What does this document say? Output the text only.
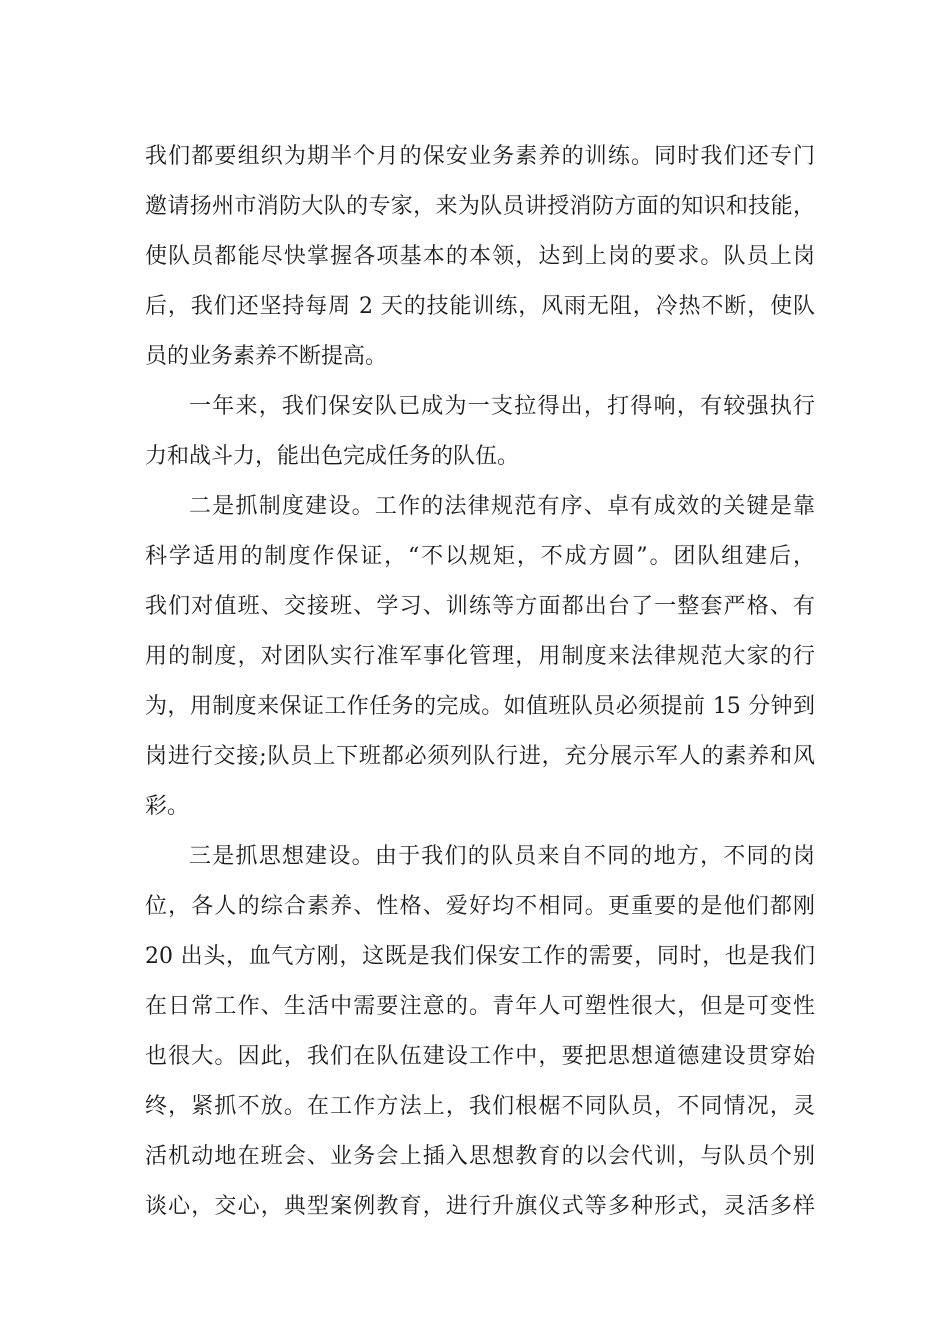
我们都要组织为期半个月的保安业务素养的训练。同时我们还专门
邀请扬州市消防大队的专家，来为队员讲授消防方面的知识和技能，
使队员都能尽快掌握各项基本的本领，达到上岗的要求。队员上岗
后，我们还坚持每周 2 天的技能训练，风雨无阻，冷热不断，使队
员的业务素养不断提高。
一年来，我们保安队已成为一支拉得出，打得响，有较强执行
力和战斗力，能出色完成任务的队伍。
二是抓制度建设。工作的法律规范有序、卓有成效的关键是靠
科学适用的制度作保证，“不以规矩，不成方圆”。团队组建后，
我们对值班、交接班、学习、训练等方面都出台了一整套严格、有
用的制度，对团队实行准军事化管理，用制度来法律规范大家的行
为，用制度来保证工作任务的完成。如值班队员必须提前 15 分钟到
岗进行交接;队员上下班都必须列队行进，充分展示军人的素养和风
彩。
三是抓思想建设。由于我们的队员来自不同的地方，不同的岗
位，各人的综合素养、性格、爱好均不相同。更重要的是他们都刚
20 出头，血气方刚，这既是我们保安工作的需要，同时，也是我们
在日常工作、生活中需要注意的。青年人可塑性很大，但是可变性
也很大。因此，我们在队伍建设工作中，要把思想道德建设贯穿始
终，紧抓不放。在工作方法上，我们根椐不同队员，不同情况，灵
活机动地在班会、业务会上插入思想教育的以会代训，与队员个别
谈心，交心，典型案例教育，进行升旗仪式等多种形式，灵活多样
